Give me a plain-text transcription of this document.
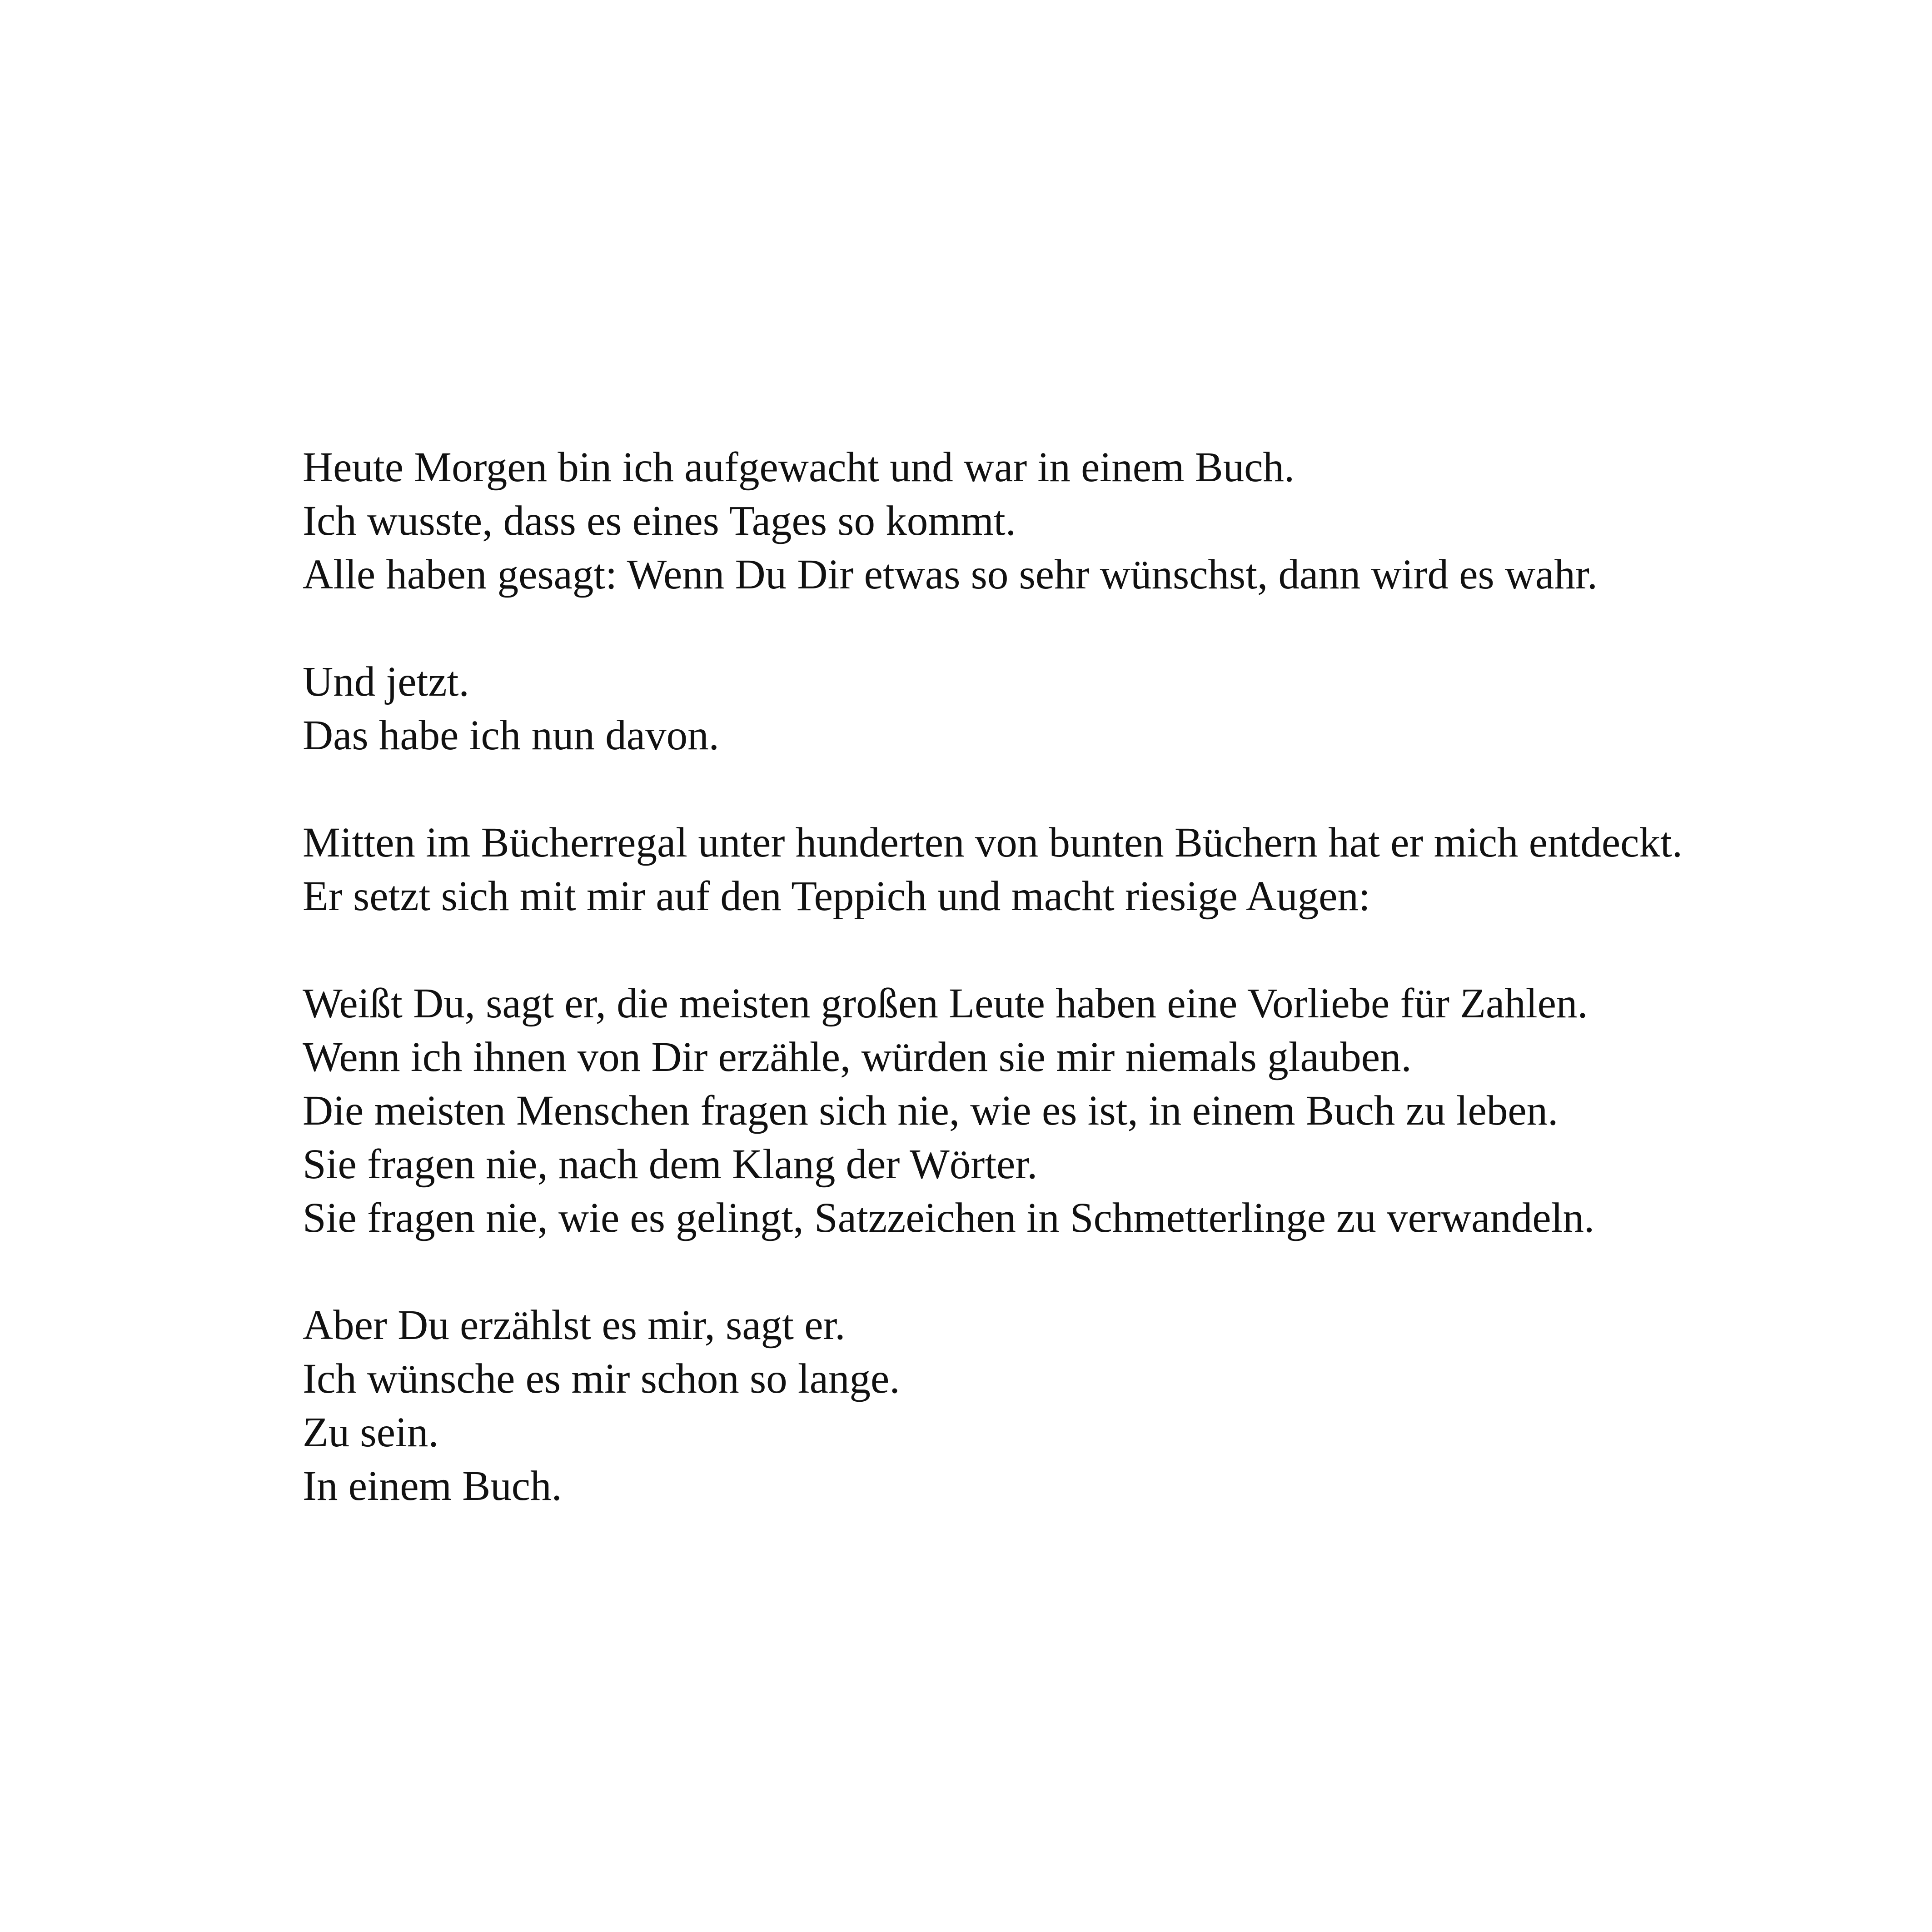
Heute Morgen bin ich aufgewacht und war in einem Buch.
Ich wusste, dass es eines Tages so kommt.
Alle haben gesagt: Wenn Du Dir etwas so sehr wünschst, dann wird es wahr.
Und jetzt.
Das habe ich nun davon.
Mitten im Bücherregal unter hunderten von bunten Büchern hat er mich entdeckt.
Er setzt sich mit mir auf den Teppich und macht riesige Augen:
Weißt Du, sagt er, die meisten großen Leute haben eine Vorliebe für Zahlen.
Wenn ich ihnen von Dir erzähle, würden sie mir niemals glauben.
Die meisten Menschen fragen sich nie, wie es ist, in einem Buch zu leben.
Sie fragen nie, nach dem Klang der Wörter.
Sie fragen nie, wie es gelingt, Satzzeichen in Schmetterlinge zu verwandeln.
Aber Du erzählst es mir, sagt er.
Ich wünsche es mir schon so lange.
Zu sein.
In einem Buch.
